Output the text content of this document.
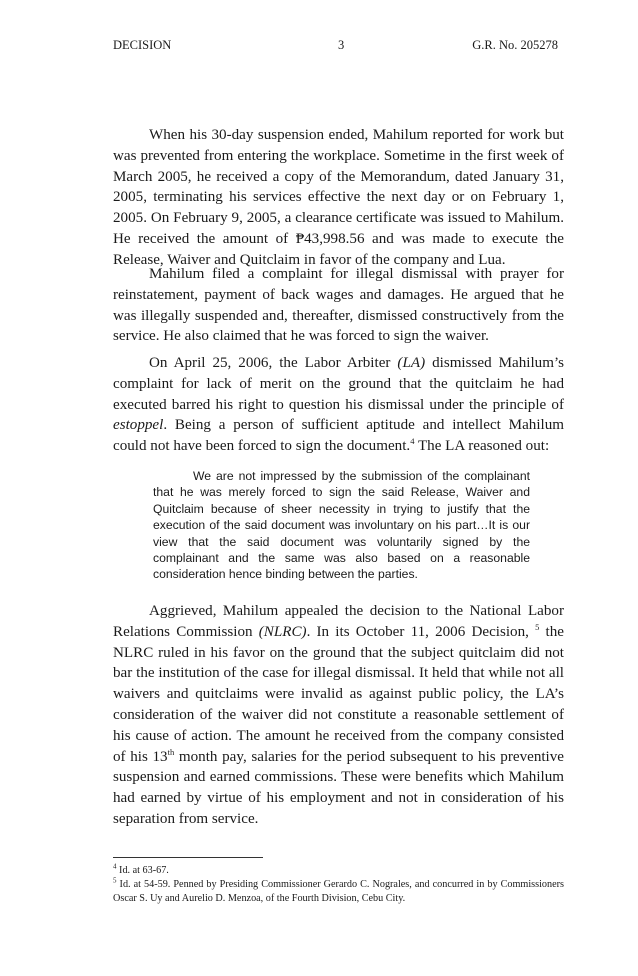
DECISION	3	G.R. No. 205278

When his 30-day suspension ended, Mahilum reported for work but was prevented from entering the workplace. Sometime in the first week of March 2005, he received a copy of the Memorandum, dated January 31, 2005, terminating his services effective the next day or on February 1, 2005. On February 9, 2005, a clearance certificate was issued to Mahilum. He received the amount of ₱43,998.56 and was made to execute the Release, Waiver and Quitclaim in favor of the company and Lua.

Mahilum filed a complaint for illegal dismissal with prayer for reinstatement, payment of back wages and damages. He argued that he was illegally suspended and, thereafter, dismissed constructively from the service. He also claimed that he was forced to sign the waiver.

On April 25, 2006, the Labor Arbiter (LA) dismissed Mahilum’s complaint for lack of merit on the ground that the quitclaim he had executed barred his right to question his dismissal under the principle of estoppel. Being a person of sufficient aptitude and intellect Mahilum could not have been forced to sign the document.$^4$ The LA reasoned out:

We are not impressed by the submission of the complainant that he was merely forced to sign the said Release, Waiver and Quitclaim because of sheer necessity in trying to justify that the execution of the said document was involuntary on his part…It is our view that the said document was voluntarily signed by the complainant and the same was also based on a reasonable consideration hence binding between the parties.

Aggrieved, Mahilum appealed the decision to the National Labor Relations Commission (NLRC). In its October 11, 2006 Decision, $^5$ the NLRC ruled in his favor on the ground that the subject quitclaim did not bar the institution of the case for illegal dismissal. It held that while not all waivers and quitclaims were invalid as against public policy, the LA’s consideration of the waiver did not constitute a reasonable settlement of his cause of action. The amount he received from the company consisted of his 13th month pay, salaries for the period subsequent to his preventive suspension and earned commissions. These were benefits which Mahilum had earned by virtue of his employment and not in consideration of his separation from service.

$^4$ Id. at 63-67.

$^5$ Id. at 54-59. Penned by Presiding Commissioner Gerardo C. Nograles, and concurred in by Commissioners Oscar S. Uy and Aurelio D. Menzoa, of the Fourth Division, Cebu City.
